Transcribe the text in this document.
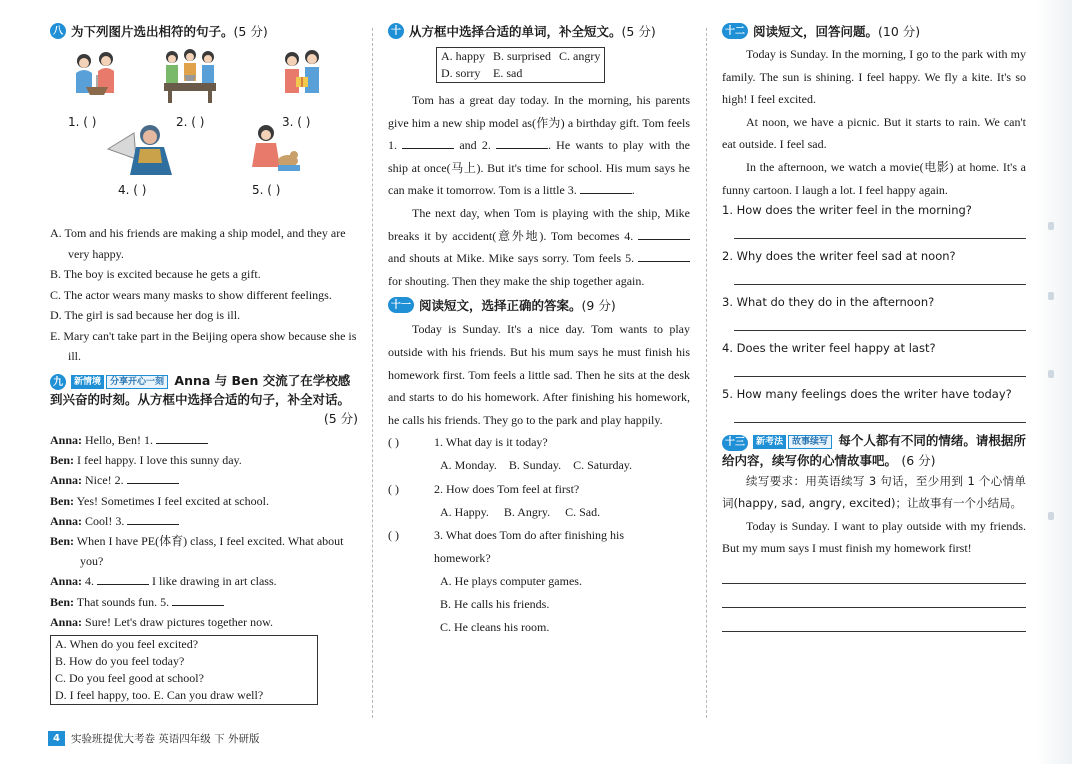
八 为下列图片选出相符的句子。 (5 分)
1. ( )	2. ( )	3. ( )
4. ( )	5. ( )
A. Tom and his friends are making a ship model, and they are very happy.
B. The boy is excited because he gets a gift.
C. The actor wears many masks to show different feelings.
D. The girl is sad because her dog is ill.
E. Mary can't take part in the Beijing opera show because she is ill.
九 新情境 分享开心一刻 Anna 与 Ben 交流了在学校感到兴奋的时刻。从方框中选择合适的句子，补全对话。
(5 分)
Anna: Hello, Ben! 1.
Ben: I feel happy. I love this sunny day.
Anna: Nice! 2.
Ben: Yes! Sometimes I feel excited at school.
Anna: Cool! 3.
Ben: When I have PE(体育) class, I feel excited. What about you?
Anna: 4.	I like drawing in art class.
Ben: That sounds fun. 5.
Anna: Sure! Let's draw pictures together now.
A. When do you feel excited?
B. How do you feel today?
C. Do you feel good at school?
D. I feel happy, too. E. Can you draw well?
十 从方框中选择合适的单词，补全短文。 (5 分)
A. happy	B. surprised	C. angry
D. sorry	E. sad	

Tom has a great day today. In the morning, his parents give him a new ship model as(作为) a birthday gift. Tom feels 1.	and 2.	. He wants to play with the ship at once(马上). But it's time for school. His mum says he can make it tomorrow. Tom is a little 3.	.

The next day, when Tom is playing with the ship, Mike breaks it by accident(意外地). Tom becomes 4.  and shouts at Mike. Mike says sorry. Tom feels 5.  for shouting. Then they make the ship together again.

十一 阅读短文，选择正确的答案。 (9 分)

Today is Sunday. It's a nice day. Tom wants to play outside with his friends. But his mum says he must finish his homework first. Tom feels a little sad. Then he sits at the desk and starts to do his homework. After finishing his homework, he calls his friends. They go to the park and play happily.

( )	1. What day is it today?
A. Monday. B. Sunday. C. Saturday.
( )	2. How does Tom feel at first?
A. Happy. B. Angry. C. Sad.
( )	3. What does Tom do after finishing his homework?
A. He plays computer games.
B. He calls his friends.
C. He cleans his room.
十二 阅读短文，回答问题。 (10 分)

Today is Sunday. In the morning, I go to the park with my family. The sun is shining. I feel happy. We fly a kite. It's so high! I feel excited.

At noon, we have a picnic. But it starts to rain. We can't eat outside. I feel sad.

In the afternoon, we watch a movie(电影) at home. It's a funny cartoon. I laugh a lot. I feel happy again.

1. How does the writer feel in the morning?
2. Why does the writer feel sad at noon?
3. What do they do in the afternoon?
4. Does the writer feel happy at last?
5. How many feelings does the writer have today?
十三 新考法 故事续写 每个人都有不同的情绪。请根据所给内容，续写你的心情故事吧。 (6 分)

续写要求：用英语续写 3 句话，至少用到 1 个心情单词(happy, sad, angry, excited)；让故事有一个小结局。

Today is Sunday. I want to play outside with my friends. But my mum says I must finish my homework first!

4	实验班提优大考卷 英语四年级 下 外研版
